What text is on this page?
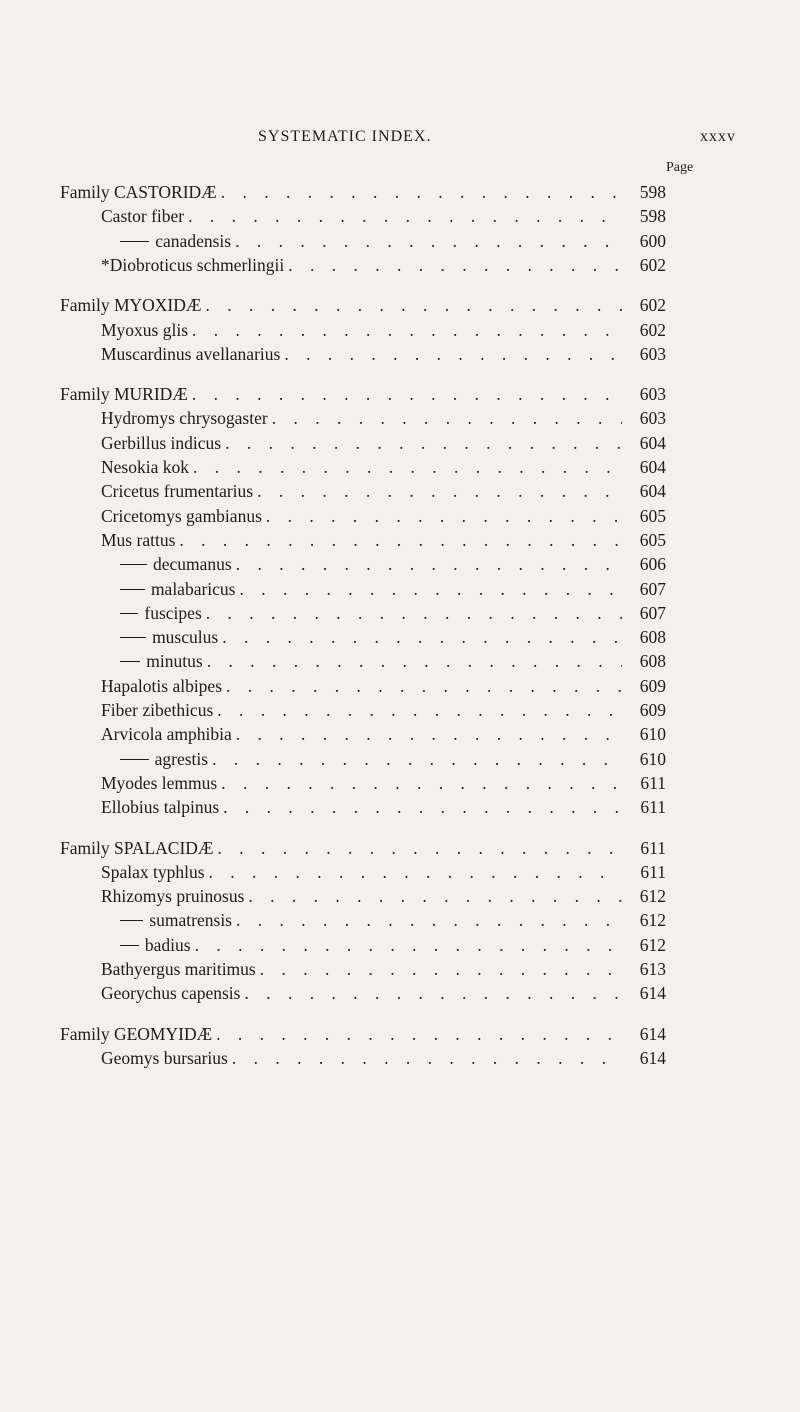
SYSTEMATIC INDEX.	xxxv
Page
Family CASTORIDÆ . . .	598
Castor fiber . . .	598
canadensis . . .	600
*Diobroticus schmerlingii . . .	602
Family MYOXIDÆ . . .	602
Myoxus glis . . .	602
Muscardinus avellanarius . . .	603
Family MURIDÆ . . .	603
Hydromys chrysogaster . . .	603
Gerbillus indicus . . .	604
Nesokia kok . . .	604
Cricetus frumentarius . . .	604
Cricetomys gambianus . . .	605
Mus rattus . . .	605
decumanus . . .	606
malabaricus . . .	607
fuscipes . . .	607
musculus . . .	608
minutus . . .	608
Hapalotis albipes . . .	609
Fiber zibethicus . . .	609
Arvicola amphibia . . .	610
agrestis . . .	610
Myodes lemmus . . .	611
Ellobius talpinus . . .	611
Family SPALACIDÆ . . .	611
Spalax typhlus . . .	611
Rhizomys pruinosus . . .	612
sumatrensis . . .	612
badius . . .	612
Bathyergus maritimus . . .	613
Georychus capensis . . .	614
Family GEOMYIDÆ . . .	614
Geomys bursarius . . .	614
